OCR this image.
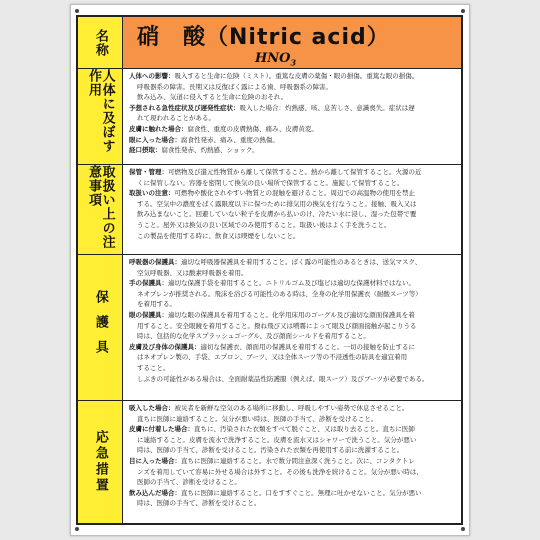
名称 硝　酸（Nitric acid）
$HNO_3$
人体に及ぼす作用	人体への影響：吸入すると生命に危険（ミスト）。重篤な皮膚の薬傷・眼の損傷。重篤な眼の損傷。
呼吸器系の障害。長期又は反復ばく露による歯、呼吸器系の障害。
飲み込み、気道に侵入すると生命に危険のおそれ。
予想される急性症状及び遅発性症状：吸入した場合：灼熱感、咳、息苦しさ、意識喪失。症状は遅
れて現われることがある。
皮膚に触れた場合：腐食性、重度の皮膚熱傷、痛み、皮膚黄変。
眼に入った場合：腐食性発赤、痛み、重度の熱傷。
経口摂取：腐食性発赤、灼熱感、ショック。
取扱い上の注意事項	保管・管理：可燃物及び還元性物質から離して保管すること。熱から離して保管すること。火源の近
くに保管しない。容器を密閉して換気の良い場所で保管すること。施錠して保管すること。
取扱いの注意：可燃物や酸化されやすい物質との混触を避けること。周辺での高温物の使用を禁止
する。空気中の濃度をばく露限度以下に保つために排気用の換気を行なうこと。接触、吸入又は
飲み込まないこと。回避していない粒子を皮膚から払いのけ、冷たい水に浸し、湿った包帯で覆
うこと。屋外又は換気の良い区域でのみ使用すること。取扱い後はよく手を洗うこと。
この製品を使用する時に、飲食又は喫煙をしないこと。
保護具
呼吸器の保護具：適切な呼吸器保護具を着用すること。ばく露の可能性のあるときは、送気マスク、
空気呼吸器、又は酸素呼吸器を着用。
手の保護具：適切な保護手袋を着用すること。ニトリルゴム及び塩ビは適切な保護材料ではない。
ネオプレンが推奨される。飛沫を浴びる可能性のある時は、全身の化学用保護衣（耐酸スーツ等）
を着用する。
眼の保護具：適切な眼の保護具を着用すること。化学用床用のゴーグル及び適切な顔面保護具を着
用すること。安全眼鏡を着用すること。撥ね飛び又は噴霧によって眼及び顔面接触が起こりうる
時は、包括的な化学スプラッシュゴーグル、及び顔面シールドを着用すること。
皮膚及び身体の保護具：適切な保護衣、顔面用の保護具を着用すること。一切の接触を防止するに
はネオプレン製の、手袋、エプロン、ブーツ、又は全体スーツ等の不浸透性の防具を適宜着用
すること。
しぶきの可能性がある場合は、全面耐薬品性防護服（例えば、眼スーツ）及びブーツが必要である。
応急措置
吸入した場合：被災者を新鮮な空気のある場所に移動し、呼吸しやすい姿勢で休息させること。
直ちに医師に連絡すること。気分が悪い時は、医師の手当て、診断を受けること。
皮膚に付着した場合：直ちに、汚染された衣類をすべて脱ぐこと、又は取り去ること。直ちに医師
に連絡すること。皮膚を流水で洗浄すること。皮膚を流水又はシャワーで洗うこと。気分が悪い
時は、医師の手当て、診断を受けること。汚染された衣類を再使用する前に洗濯すること。
目に入った場合：直ちに医師に連絡すること。水で数分間注意深く洗うこと。次に、コンタクトレ
ンズを着用していて容易に外せる場合は外すこと。その後も洗浄を続けること。気分が悪い時は、
医師の手当て、診断を受けること。
飲み込んだ場合：直ちに医師に連絡すること。口をすすぐこと。無理に吐かせないこと。気分が悪い
時は、医師の手当て、診断を受けること。
